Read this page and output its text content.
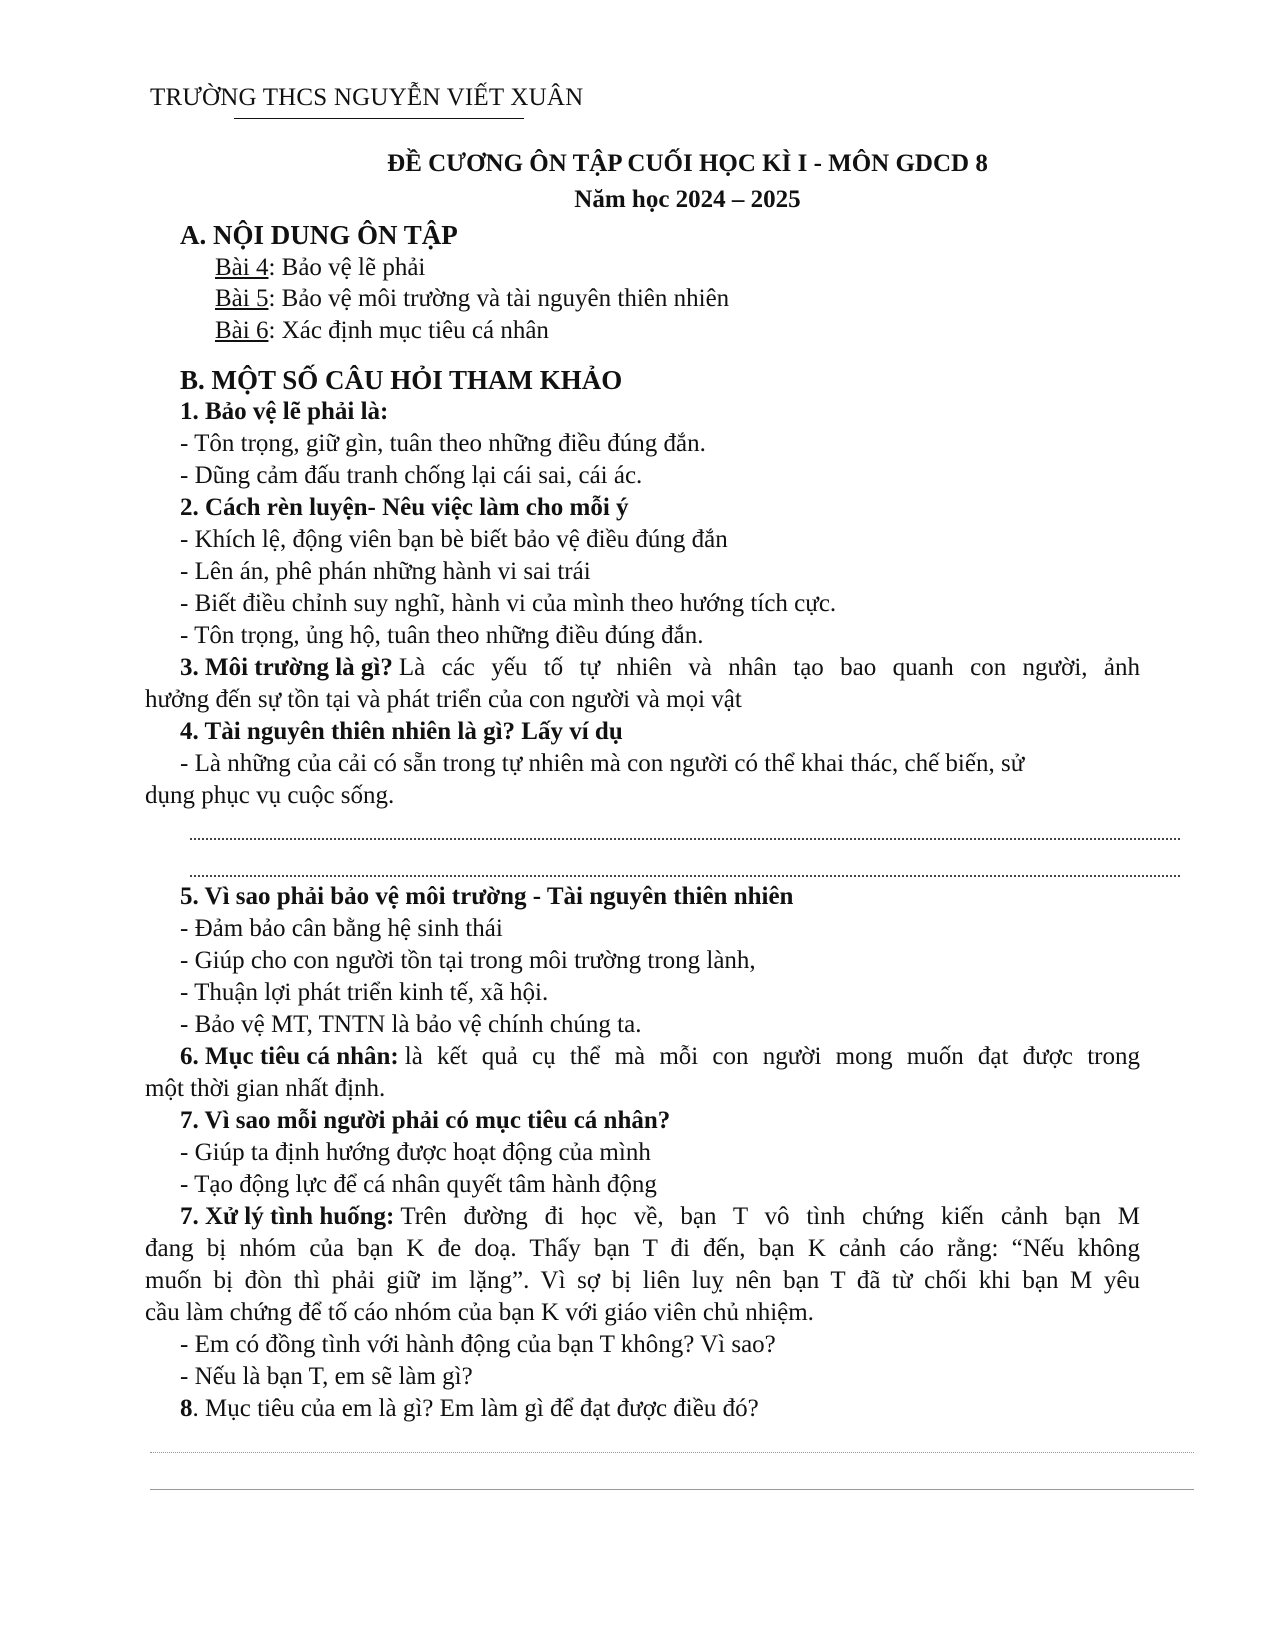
TRƯỜNG THCS NGUYỄN VIẾT XUÂN
ĐỀ CƯƠNG ÔN TẬP CUỐI HỌC KÌ I - MÔN GDCD 8
Năm học 2024 – 2025
A. NỘI DUNG ÔN TẬP
Bài 4: Bảo vệ lẽ phải
Bài 5: Bảo vệ môi trường và tài nguyên thiên nhiên
Bài 6: Xác định mục tiêu cá nhân
B. MỘT SỐ CÂU HỎI THAM KHẢO
1. Bảo vệ lẽ phải là:
- Tôn trọng, giữ gìn, tuân theo những điều đúng đắn.
- Dũng cảm đấu tranh chống lại cái sai, cái ác.
2. Cách rèn luyện- Nêu việc làm cho mỗi ý
- Khích lệ, động viên bạn bè biết bảo vệ điều đúng đắn
- Lên án, phê phán những hành vi sai trái
- Biết điều chỉnh suy nghĩ, hành vi của mình theo hướng tích cực.
- Tôn trọng, ủng hộ, tuân theo những điều đúng đắn.
3. Môi trường là gì? Là các yếu tố tự nhiên và nhân tạo bao quanh con người, ảnh
hưởng đến sự tồn tại và phát triển của con người và mọi vật
4. Tài nguyên thiên nhiên là gì? Lấy ví dụ
- Là những của cải có sẵn trong tự nhiên mà con người có thể khai thác, chế biến, sử
dụng phục vụ cuộc sống.
5. Vì sao phải bảo vệ môi trường - Tài nguyên thiên nhiên
- Đảm bảo cân bằng hệ sinh thái
- Giúp cho con người tồn tại trong môi trường trong lành,
- Thuận lợi phát triển kinh tế, xã hội.
- Bảo vệ MT, TNTN là bảo vệ chính chúng ta.
6. Mục tiêu cá nhân: là kết quả cụ thể mà mỗi con người mong muốn đạt được trong
một thời gian nhất định.
7. Vì sao mỗi người phải có mục tiêu cá nhân?
- Giúp ta định hướng được hoạt động của mình
- Tạo động lực để cá nhân quyết tâm hành động
7. Xử lý tình huống: Trên đường đi học về, bạn T vô tình chứng kiến cảnh bạn M
đang bị nhóm của bạn K đe doạ. Thấy bạn T đi đến, bạn K cảnh cáo rằng: “Nếu không
muốn bị đòn thì phải giữ im lặng”. Vì sợ bị liên luỵ nên bạn T đã từ chối khi bạn M yêu
cầu làm chứng để tố cáo nhóm của bạn K với giáo viên chủ nhiệm.
- Em có đồng tình với hành động của bạn T không? Vì sao?
- Nếu là bạn T, em sẽ làm gì?
8. Mục tiêu của em là gì? Em làm gì để đạt được điều đó?
